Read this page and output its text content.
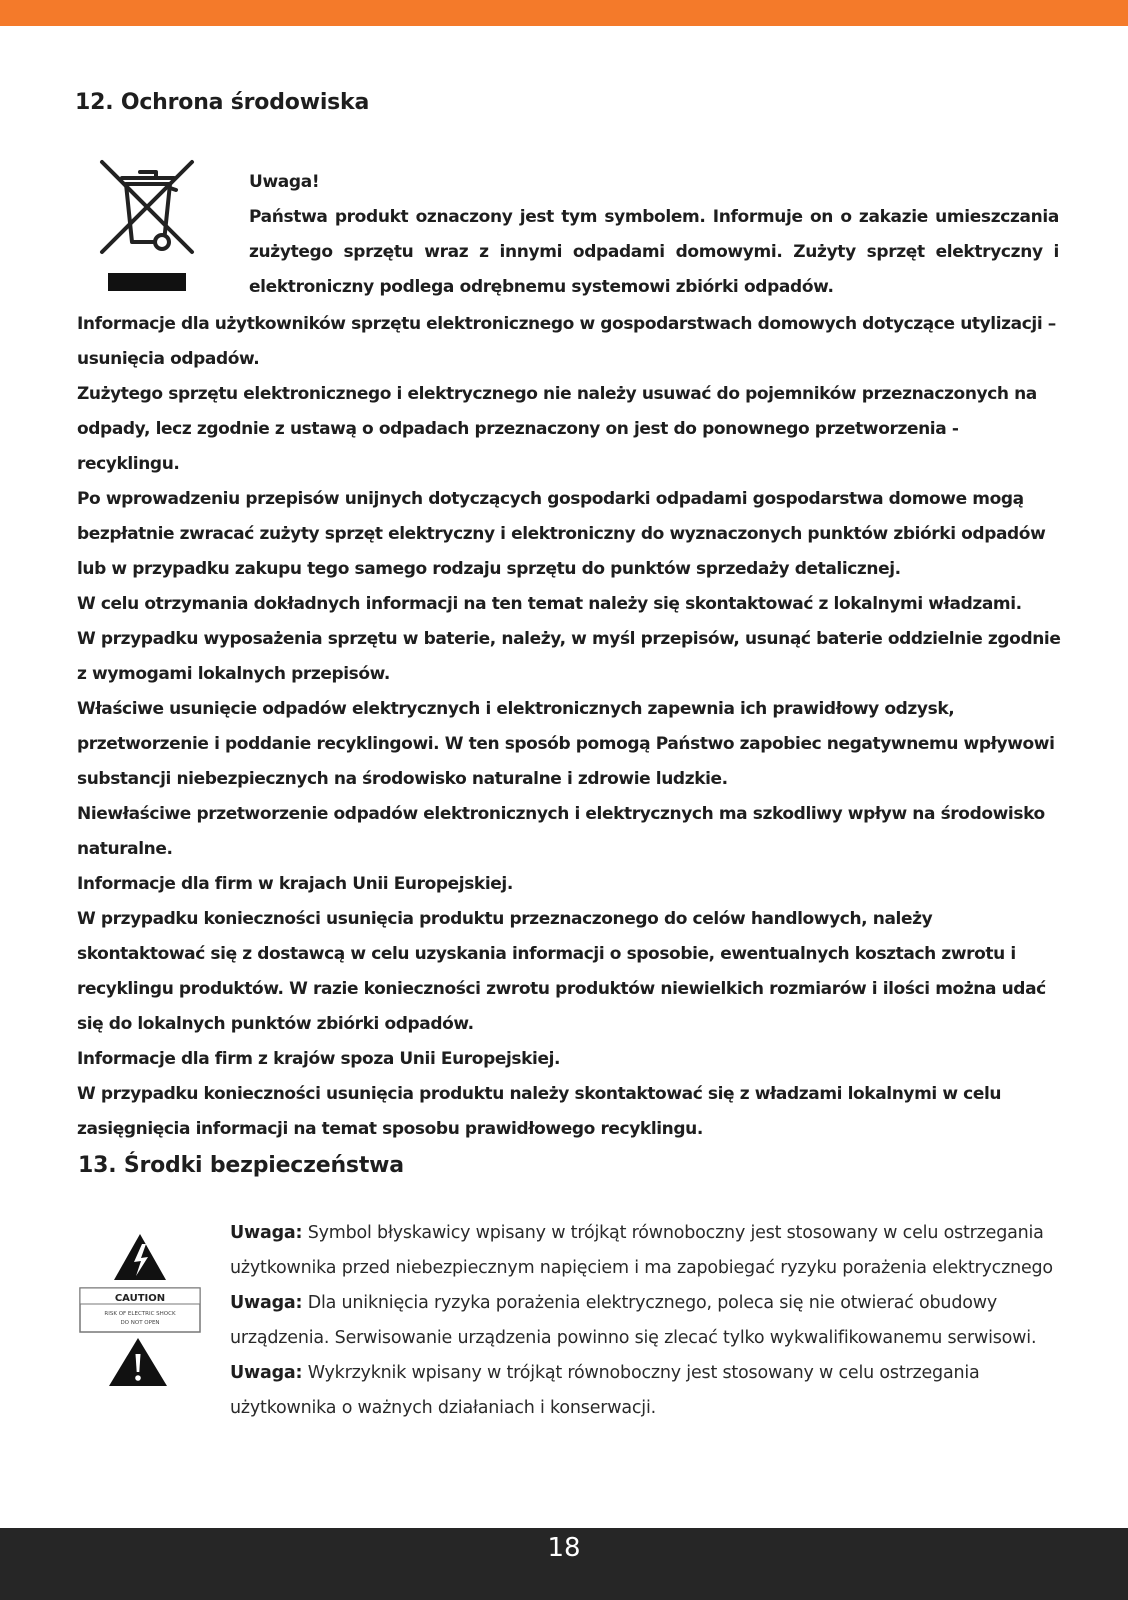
12. Ochrona środowiska

Uwaga!

Państwa produkt oznaczony jest tym symbolem. Informuje on o zakazie umieszczania zużytego sprzętu wraz z innymi odpadami domowymi. Zużyty sprzęt elektryczny i elektroniczny podlega odrębnemu systemowi zbiórki odpadów.

Informacje dla użytkowników sprzętu elektronicznego w gospodarstwach domowych dotyczące utylizacji – usunięcia odpadów.

Zużytego sprzętu elektronicznego i elektrycznego nie należy usuwać do pojemników przeznaczonych na odpady, lecz zgodnie z ustawą o odpadach przeznaczony on jest do ponownego przetworzenia - recyklingu.

Po wprowadzeniu przepisów unijnych dotyczących gospodarki odpadami gospodarstwa domowe mogą bezpłatnie zwracać zużyty sprzęt elektryczny i elektroniczny do wyznaczonych punktów zbiórki odpadów lub w przypadku zakupu tego samego rodzaju sprzętu do punktów sprzedaży detalicznej.

W celu otrzymania dokładnych informacji na ten temat należy się skontaktować z lokalnymi władzami.

W przypadku wyposażenia sprzętu w baterie, należy, w myśl przepisów, usunąć baterie oddzielnie zgodnie z wymogami lokalnych przepisów.

Właściwe usunięcie odpadów elektrycznych i elektronicznych zapewnia ich prawidłowy odzysk, przetworzenie i poddanie recyklingowi. W ten sposób pomogą Państwo zapobiec negatywnemu wpływowi substancji niebezpiecznych na środowisko naturalne i zdrowie ludzkie.

Niewłaściwe przetworzenie odpadów elektronicznych i elektrycznych ma szkodliwy wpływ na środowisko naturalne.

Informacje dla firm w krajach Unii Europejskiej.

W przypadku konieczności usunięcia produktu przeznaczonego do celów handlowych, należy skontaktować się z dostawcą w celu uzyskania informacji o sposobie, ewentualnych kosztach zwrotu i recyklingu produktów. W razie konieczności zwrotu produktów niewielkich rozmiarów i ilości można udać się do lokalnych punktów zbiórki odpadów.

Informacje dla firm z krajów spoza Unii Europejskiej.

W przypadku konieczności usunięcia produktu należy skontaktować się z władzami lokalnymi w celu zasięgnięcia informacji na temat sposobu prawidłowego recyklingu.

13. Środki bezpieczeństwa
CAUTION
RISK OF ELECTRIC SHOCK
DO NOT OPEN

Uwaga: Symbol błyskawicy wpisany w trójkąt równoboczny jest stosowany w celu ostrzegania użytkownika przed niebezpiecznym napięciem i ma zapobiegać ryzyku porażenia elektrycznego

Uwaga: Dla uniknięcia ryzyka porażenia elektrycznego, poleca się nie otwierać obudowy urządzenia. Serwisowanie urządzenia powinno się zlecać tylko wykwalifikowanemu serwisowi.

Uwaga: Wykrzyknik wpisany w trójkąt równoboczny jest stosowany w celu ostrzegania użytkownika o ważnych działaniach i konserwacji.

18
